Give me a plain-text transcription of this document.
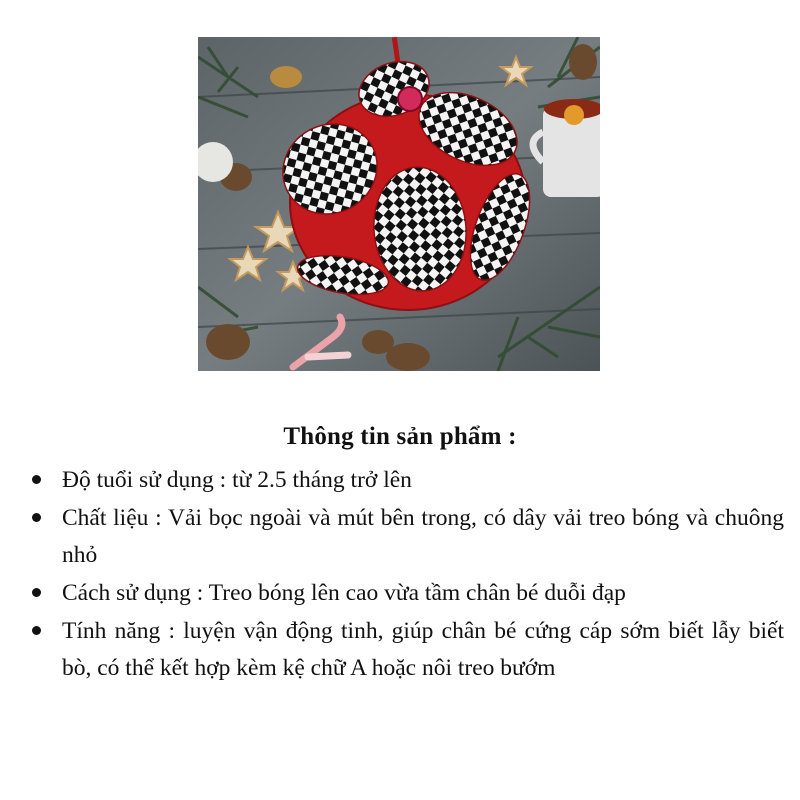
Thông tin sản phẩm :
Độ tuổi sử dụng : từ 2.5 tháng trở lên
Chất liệu : Vải bọc ngoài và mút bên trong, có dây vải treo bóng và chuông nhỏ
Cách sử dụng : Treo bóng lên cao vừa tầm chân bé duỗi đạp
Tính năng : luyện vận động tinh, giúp chân bé cứng cáp sớm biết lẫy biết bò, có thể kết hợp kèm kệ chữ A hoặc nôi treo bướm
